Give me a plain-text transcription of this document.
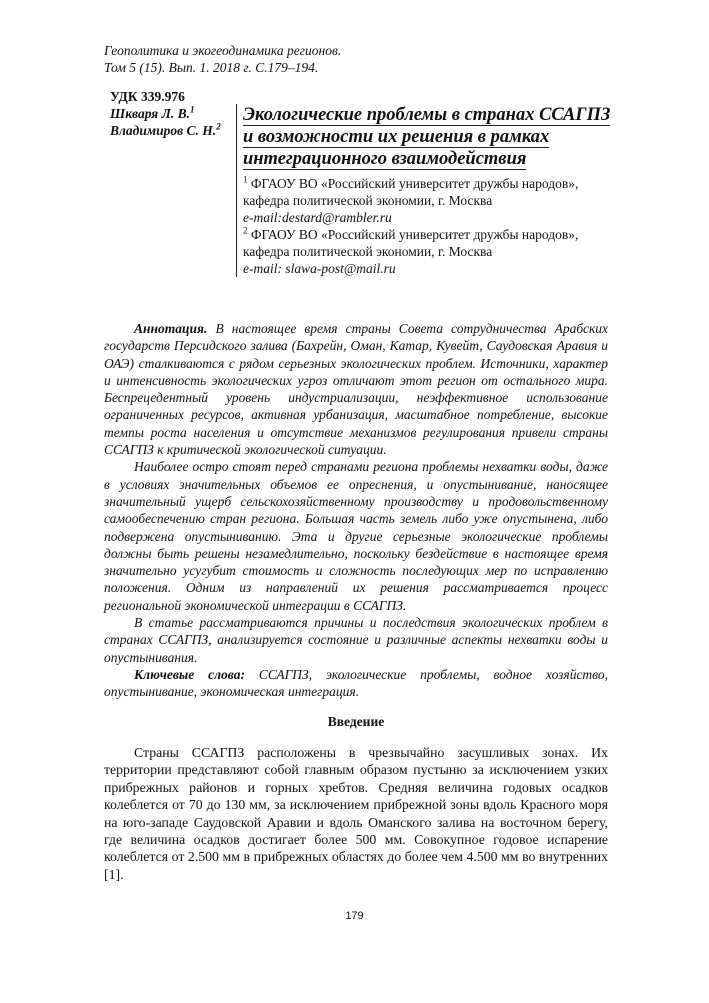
Геополитика и экогеодинамика регионов.
Том 5 (15). Вып. 1. 2018 г. С.179–194.
УДК 339.976
Шкваря Л. В.$^1$
Владимиров С. Н.$^2$
Экологические проблемы в странах ССАГПЗ и возможности их решения в рамках интеграционного взаимодействия
$^1$ ФГАОУ ВО «Российский университет дружбы народов», кафедра политической экономии, г. Москва
e-mail:destard@rambler.ru
$^2$ ФГАОУ ВО «Российский университет дружбы народов», кафедра политической экономии, г. Москва
e-mail: slawa-post@mail.ru

Аннотация. В настоящее время страны Совета сотрудничества Арабских государств Персидского залива (Бахрейн, Оман, Катар, Кувейт, Саудовская Аравия и ОАЭ) сталкиваются с рядом серьезных экологических проблем. Источники, характер и интенсивность экологических угроз отличают этот регион от остального мира. Беспрецедентный уровень индустриализации, неэффективное использование ограниченных ресурсов, активная урбанизация, масштабное потребление, высокие темпы роста населения и отсутствие механизмов регулирования привели страны ССАГПЗ к критической экологической ситуации.

Наиболее остро стоят перед странами региона проблемы нехватки воды, даже в условиях значительных объемов ее опреснения, и опустынивание, наносящее значительный ущерб сельскохозяйственному производству и продовольственному самообеспечению стран региона. Большая часть земель либо уже опустынена, либо подвержена опустыниванию. Эта и другие серьезные экологические проблемы должны быть решены незамедлительно, поскольку бездействие в настоящее время значительно усугубит стоимость и сложность последующих мер по исправлению положения. Одним из направлений их решения рассматривается процесс региональной экономической интеграции в ССАГПЗ.

В статье рассматриваются причины и последствия экологических проблем в странах ССАГПЗ, анализируется состояние и различные аспекты нехватки воды и опустынивания.

Ключевые слова: ССАГПЗ, экологические проблемы, водное хозяйство, опустынивание, экономическая интеграция.

Введение

Страны ССАГПЗ расположены в чрезвычайно засушливых зонах. Их территории представляют собой главным образом пустыню за исключением узких прибрежных районов и горных хребтов. Средняя величина годовых осадков колеблется от 70 до 130 мм, за исключением прибрежной зоны вдоль Красного моря на юго-западе Саудовской Аравии и вдоль Оманского залива на восточном берегу, где величина осадков достигает более 500 мм. Совокупное годовое испарение колеблется от 2.500 мм в прибрежных областях до более чем 4.500 мм во внутренних [1].

179
